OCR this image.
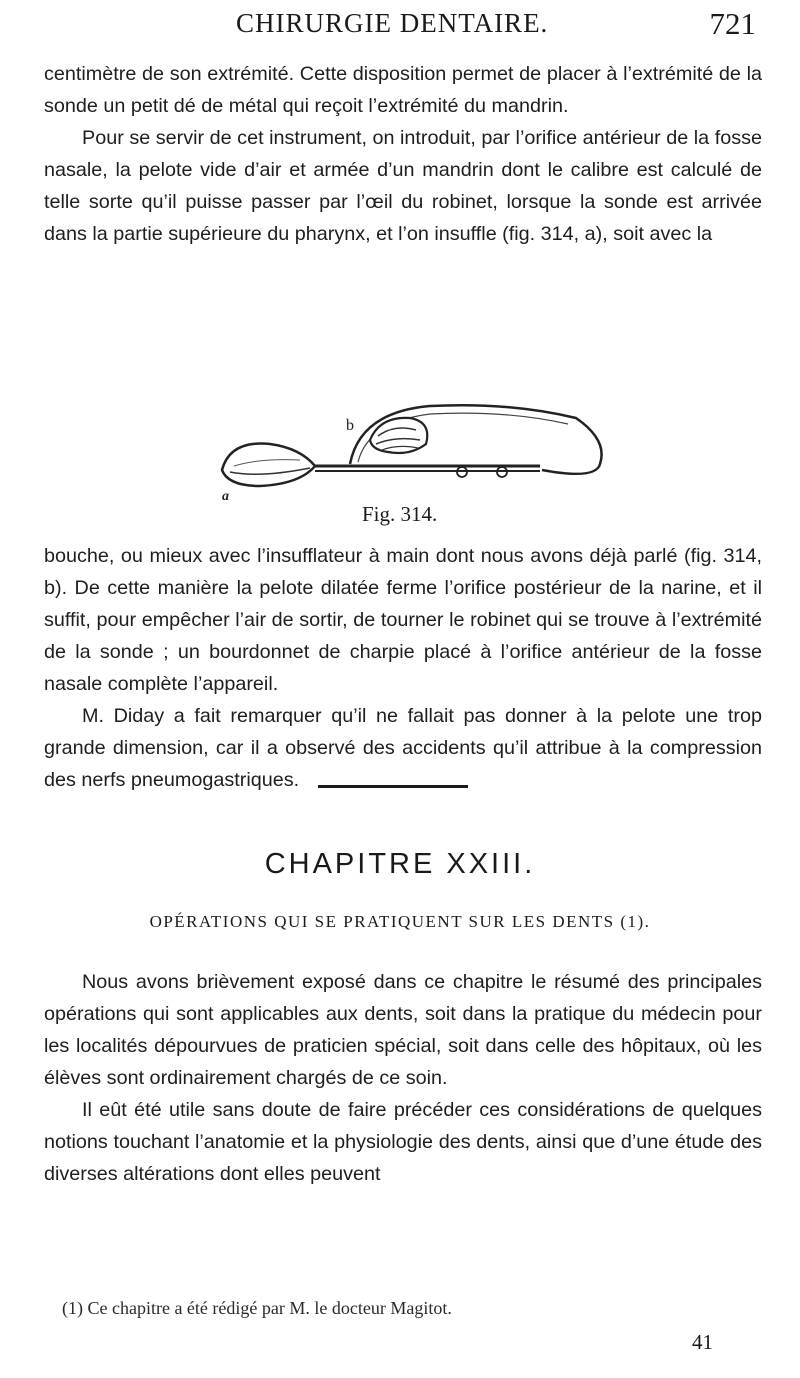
CHIRURGIE DENTAIRE.	721

centimètre de son extrémité. Cette disposition permet de placer à l’extrémité de la sonde un petit dé de métal qui reçoit l’extrémité du mandrin.

Pour se servir de cet instrument, on introduit, par l’orifice antérieur de la fosse nasale, la pelote vide d’air et armée d’un mandrin dont le calibre est calculé de telle sorte qu’il puisse passer par l’œil du robinet, lorsque la sonde est arrivée dans la partie supérieure du pharynx, et l’on insuffle (fig. 314, a), soit avec la

b
a
Fig. 314.

bouche, ou mieux avec l’insufflateur à main dont nous avons déjà parlé (fig. 314, b). De cette manière la pelote dilatée ferme l’orifice postérieur de la narine, et il suffit, pour empêcher l’air de sortir, de tourner le robinet qui se trouve à l’extrémité de la sonde ; un bourdonnet de charpie placé à l’orifice antérieur de la fosse nasale complète l’appareil.

M. Diday a fait remarquer qu’il ne fallait pas donner à la pelote une trop grande dimension, car il a observé des accidents qu’il attribue à la compression des nerfs pneumogastriques.

CHAPITRE XXIII.
OPÉRATIONS QUI SE PRATIQUENT SUR LES DENTS (1).

Nous avons brièvement exposé dans ce chapitre le résumé des principales opérations qui sont applicables aux dents, soit dans la pratique du médecin pour les localités dépourvues de praticien spécial, soit dans celle des hôpitaux, où les élèves sont ordinairement chargés de ce soin.

Il eût été utile sans doute de faire précéder ces considérations de quelques notions touchant l’anatomie et la physiologie des dents, ainsi que d’une étude des diverses altérations dont elles peuvent

(1) Ce chapitre a été rédigé par M. le docteur Magitot.
41
